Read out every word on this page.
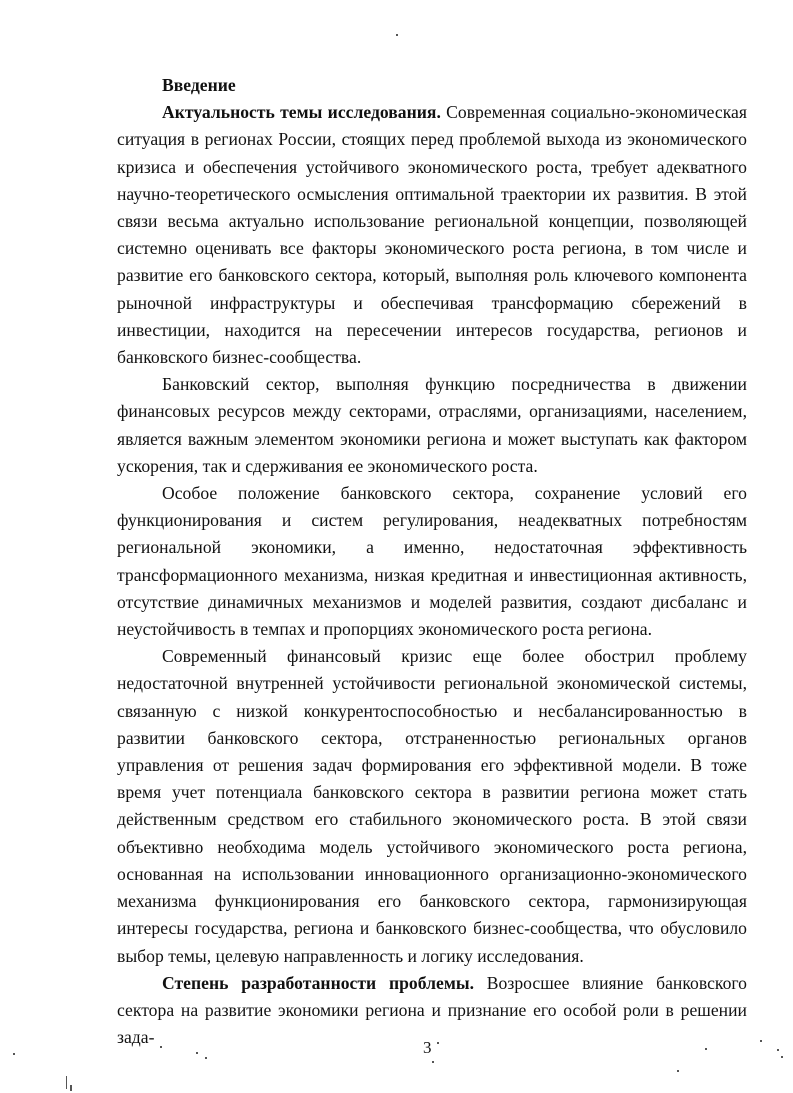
Введение

Актуальность темы исследования. Современная социально-экономическая ситуация в регионах России, стоящих перед проблемой выхода из экономического кризиса и обеспечения устойчивого экономического роста, требует адекватного научно-теоретического осмысления оптимальной траектории их развития. В этой связи весьма актуально использование региональной концепции, позволяющей системно оценивать все факторы экономического роста региона, в том числе и развитие его банковского сектора, который, выполняя роль ключевого компонента рыночной инфраструктуры и обеспечивая трансформацию сбережений в инвестиции, находится на пересечении интересов государства, регионов и банковского бизнес-сообщества.

Банковский сектор, выполняя функцию посредничества в движении финансовых ресурсов между секторами, отраслями, организациями, населением, является важным элементом экономики региона и может выступать как фактором ускорения, так и сдерживания ее экономического роста.

Особое положение банковского сектора, сохранение условий его функционирования и систем регулирования, неадекватных потребностям региональной экономики, а именно, недостаточная эффективность трансформационного механизма, низкая кредитная и инвестиционная активность, отсутствие динамичных механизмов и моделей развития, создают дисбаланс и неустойчивость в темпах и пропорциях экономического роста региона.

Современный финансовый кризис еще более обострил проблему недостаточной внутренней устойчивости региональной экономической системы, связанную с низкой конкурентоспособностью и несбалансированностью в развитии банковского сектора, отстраненностью региональных органов управления от решения задач формирования его эффективной модели. В тоже время учет потенциала банковского сектора в развитии региона может стать действенным средством его стабильного экономического роста. В этой связи объективно необходима модель устойчивого экономического роста региона, основанная на использовании инновационного организационно-экономического механизма функционирования его банковского сектора, гармонизирующая интересы государства, региона и банковского бизнес-сообщества, что обусловило выбор темы, целевую направленность и логику исследования.

Степень разработанности проблемы. Возросшее влияние банковского сектора на развитие экономики региона и признание его особой роли в решении зада-

3
